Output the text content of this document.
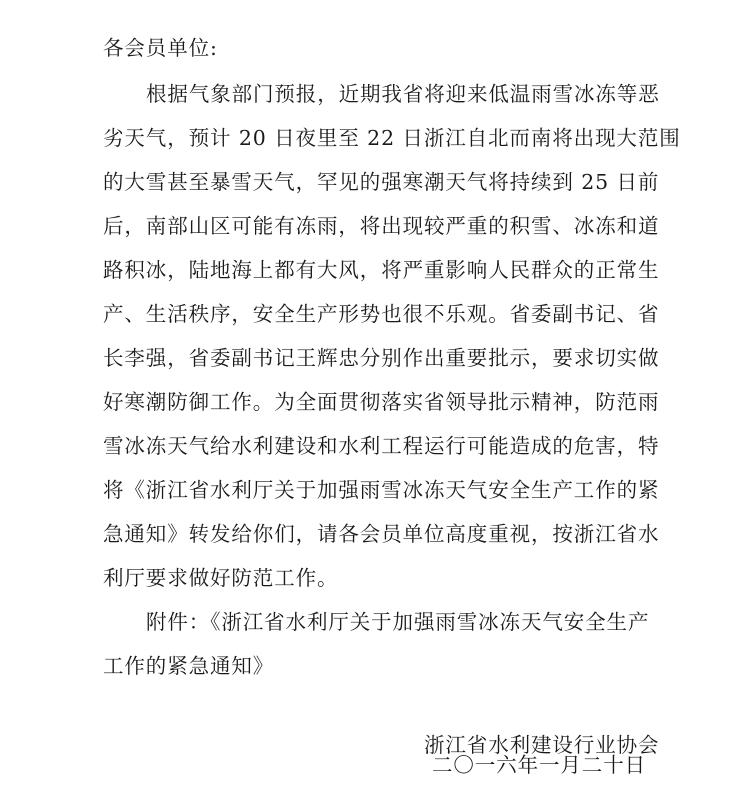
各会员单位:
根据气象部门预报，近期我省将迎来低温雨雪冰冻等恶
劣天气，预计 20 日夜里至 22 日浙江自北而南将出现大范围
的大雪甚至暴雪天气，罕见的强寒潮天气将持续到 25 日前
后，南部山区可能有冻雨，将出现较严重的积雪、冰冻和道
路积冰，陆地海上都有大风，将严重影响人民群众的正常生
产、生活秩序，安全生产形势也很不乐观。省委副书记、省
长李强，省委副书记王辉忠分别作出重要批示，要求切实做
好寒潮防御工作。为全面贯彻落实省领导批示精神，防范雨
雪冰冻天气给水利建设和水利工程运行可能造成的危害，特
将《浙江省水利厅关于加强雨雪冰冻天气安全生产工作的紧
急通知》转发给你们，请各会员单位高度重视，按浙江省水
利厅要求做好防范工作。
附件：《浙江省水利厅关于加强雨雪冰冻天气安全生产
工作的紧急通知》
浙江省水利建设行业协会
二〇一六年一月二十日
